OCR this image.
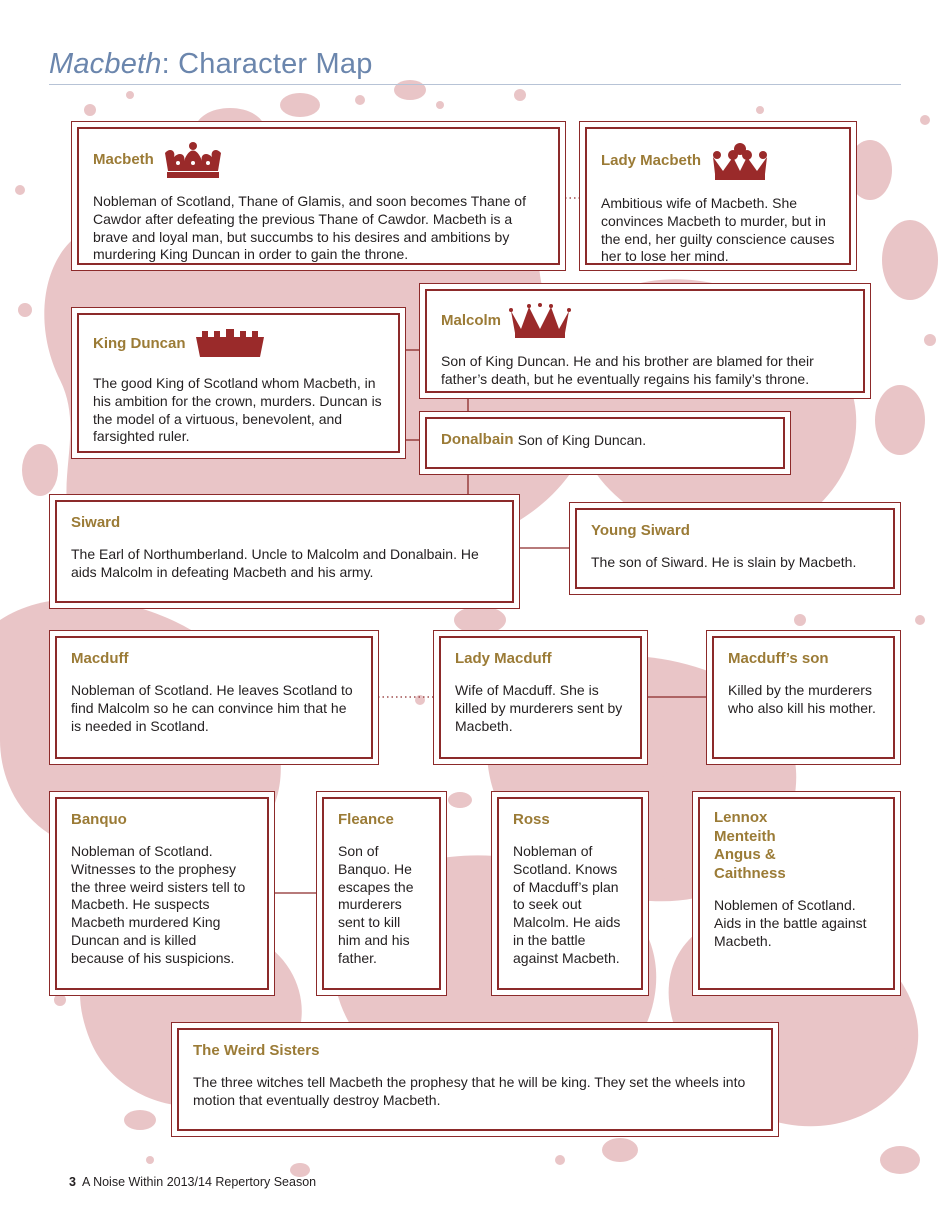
Macbeth: Character Map
Macbeth
Nobleman of Scotland, Thane of Glamis, and soon becomes Thane of Cawdor after defeating the previous Thane of Cawdor. Macbeth is a brave and loyal man, but succumbs to his desires and ambitions by murdering King Duncan in order to gain the throne.
Lady Macbeth
Ambitious wife of Macbeth. She convinces Macbeth to murder, but in the end, her guilty conscience causes her to lose her mind.
King Duncan
The good King of Scotland whom Macbeth, in his ambition for the crown, murders. Duncan is the model of a virtuous, benevolent, and farsighted ruler.
Malcolm
Son of King Duncan. He and his brother are blamed for their father’s death, but he eventually regains his family’s throne.
Donalbain
Son of King Duncan.
Siward
The Earl of Northumberland. Uncle to Malcolm and Donalbain. He aids Malcolm in defeating Macbeth and his army.
Young Siward
The son of Siward. He is slain by Macbeth.
Macduff
Nobleman of Scotland. He leaves Scotland to find Malcolm so he can convince him that he is needed in Scotland.
Lady Macduff
Wife of Macduff. She is killed by murderers sent by Macbeth.
Macduff’s son
Killed by the murderers who also kill his mother.
Banquo
Nobleman of Scotland. Witnesses to the prophesy the three weird sisters tell to Macbeth. He suspects Macbeth murdered King Duncan and is killed because of his suspicions.
Fleance
Son of Banquo. He escapes the murderers sent to kill him and his father.
Ross
Nobleman of Scotland. Knows of Macduff’s plan to seek out Malcolm. He aids in the battle against Macbeth.
Lennox
Menteith
Angus &
Caithness
Noblemen of Scotland. Aids in the battle against Macbeth.
The Weird Sisters
The three witches tell Macbeth the prophesy that he will be king. They set the wheels into motion that eventually destroy Macbeth.
3 A Noise Within 2013/14 Repertory Season
